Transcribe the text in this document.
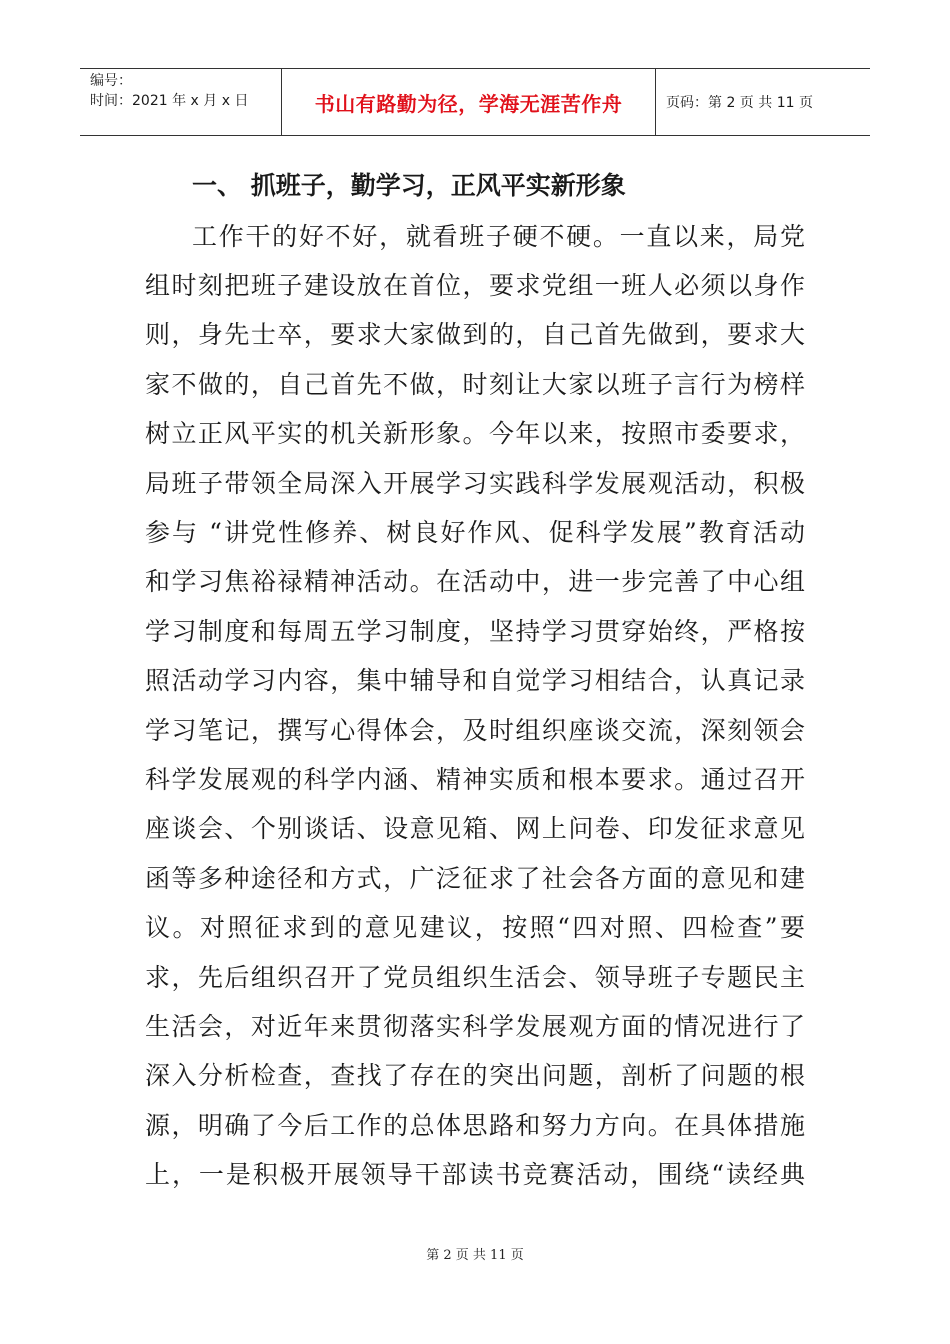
编号：
时间：2021 年 x 月 x 日	书山有路勤为径，学海无涯苦作舟	页码：第 2 页 共 11 页
一、 抓班子，勤学习，正风平实新形象
工作干的好不好，就看班子硬不硬。一直以来，局党
组时刻把班子建设放在首位，要求党组一班人必须以身作
则，身先士卒，要求大家做到的，自己首先做到，要求大
家不做的，自己首先不做，时刻让大家以班子言行为榜样
树立正风平实的机关新形象。今年以来，按照市委要求，
局班子带领全局深入开展学习实践科学发展观活动，积极
参与 “讲党性修养、树良好作风、促科学发展”教育活动
和学习焦裕禄精神活动。在活动中，进一步完善了中心组
学习制度和每周五学习制度，坚持学习贯穿始终，严格按
照活动学习内容，集中辅导和自觉学习相结合，认真记录
学习笔记，撰写心得体会，及时组织座谈交流，深刻领会
科学发展观的科学内涵、精神实质和根本要求。通过召开
座谈会、个别谈话、设意见箱、网上问卷、印发征求意见
函等多种途径和方式，广泛征求了社会各方面的意见和建
议。对照征求到的意见建议，按照“四对照、四检查”要
求，先后组织召开了党员组织生活会、领导班子专题民主
生活会，对近年来贯彻落实科学发展观方面的情况进行了
深入分析检查，查找了存在的突出问题，剖析了问题的根
源，明确了今后工作的总体思路和努力方向。在具体措施
上，一是积极开展领导干部读书竞赛活动，围绕“读经典
第 2 页 共 11 页
